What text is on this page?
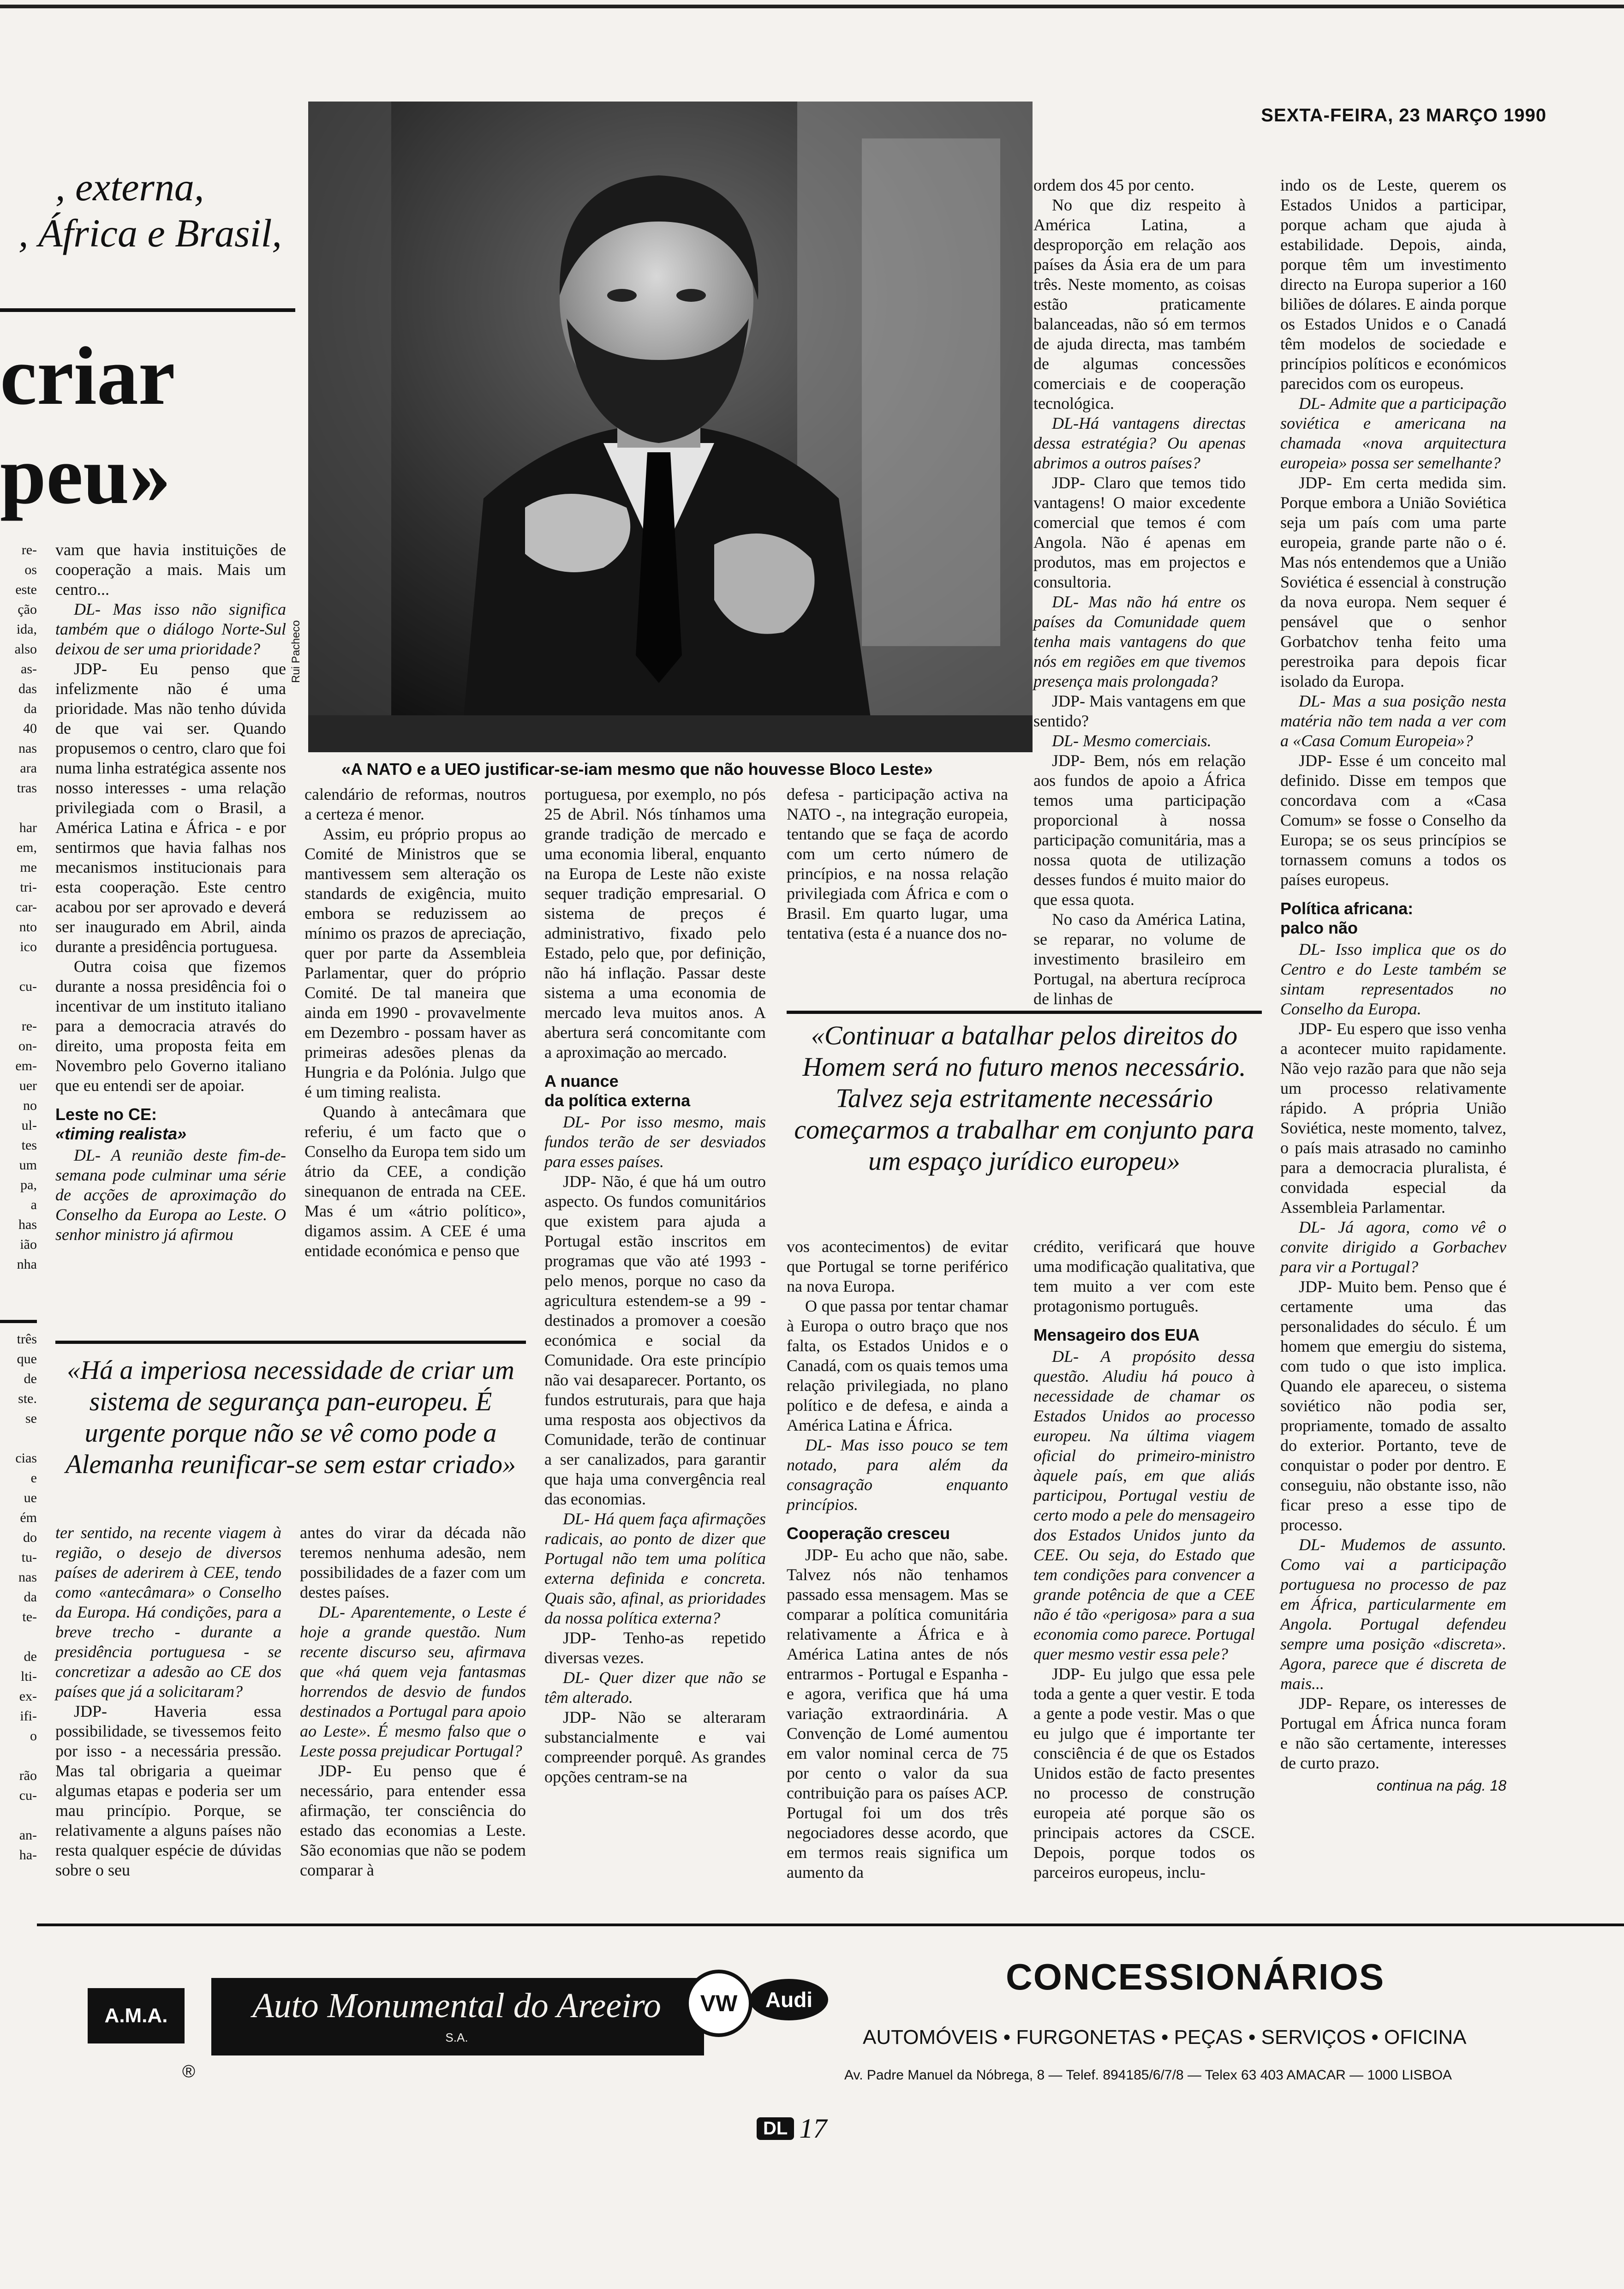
SEXTA-FEIRA, 23 MARÇO 1990
, externa,
, África e Brasil,
criar
peu»
re-
os
este
ção
ida,
also
as-
das
da
40
nas
ara
tras
har
em,
me
tri-
car-
nto
ico
cu-
re-
on-
em-
uer
no
ul-
tes
um
pa,
a
has
ião
nha
três
que
de
ste.
se
cias
e
ue
ém
do
tu-
nas
da
te-
de
lti-
ex-
ifi-
o
rão
cu-
an-
ha-
Rui Pacheco
«A NATO e a UEO justificar-se-iam mesmo que não houvesse Bloco Leste»

vam que havia instituições de cooperação a mais. Mais um centro...

DL- Mas isso não significa também que o diálogo Norte-Sul deixou de ser uma prioridade?

JDP- Eu penso que infelizmente não é uma prioridade. Mas não tenho dúvida de que vai ser. Quando propusemos o centro, claro que foi numa linha estratégica assente nos nosso interesses - uma relação privilegiada com o Brasil, a América Latina e África - e por sentirmos que havia falhas nos mecanismos institucionais para esta cooperação. Este centro acabou por ser aprovado e deverá ser inaugurado em Abril, ainda durante a presidência portuguesa.

Outra coisa que fizemos durante a nossa presidência foi o incentivar de um instituto italiano para a democracia através do direito, uma proposta feita em Novembro pelo Governo italiano que eu entendi ser de apoiar.

Leste no CE:
«timing realista»

DL- A reunião deste fim-de-semana pode culminar uma série de acções de aproximação do Conselho da Europa ao Leste. O senhor ministro já afirmou

calendário de reformas, noutros a certeza é menor.

Assim, eu próprio propus ao Comité de Ministros que se mantivessem sem alteração os standards de exigência, muito embora se reduzissem ao mínimo os prazos de apreciação, quer por parte da Assembleia Parlamentar, quer do próprio Comité. De tal maneira que ainda em 1990 - provavelmente em Dezembro - possam haver as primeiras adesões plenas da Hungria e da Polónia. Julgo que é um timing realista.

Quando à antecâmara que referiu, é um facto que o Conselho da Europa tem sido um átrio da CEE, a condição sinequanon de entrada na CEE. Mas é um «átrio político», digamos assim. A CEE é uma entidade económica e penso que

portuguesa, por exemplo, no pós 25 de Abril. Nós tínhamos uma grande tradição de mercado e uma economia liberal, enquanto na Europa de Leste não existe sequer tradição empresarial. O sistema de preços é administrativo, fixado pelo Estado, pelo que, por definição, não há inflação. Passar deste sistema a uma economia de mercado leva muitos anos. A abertura será concomitante com a aproximação ao mercado.

A nuance
da política externa

DL- Por isso mesmo, mais fundos terão de ser desviados para esses países.

JDP- Não, é que há um outro aspecto. Os fundos comunitários que existem para ajuda a Portugal estão inscritos em programas que vão até 1993 - pelo menos, porque no caso da agricultura estendem-se a 99 - destinados a promover a coesão económica e social da Comunidade. Ora este princípio não vai desaparecer. Portanto, os fundos estruturais, para que haja uma resposta aos objectivos da Comunidade, terão de continuar a ser canalizados, para garantir que haja uma convergência real das economias.

DL- Há quem faça afirmações radicais, ao ponto de dizer que Portugal não tem uma política externa definida e concreta. Quais são, afinal, as prioridades da nossa política externa?

JDP- Tenho-as repetido diversas vezes.

DL- Quer dizer que não se têm alterado.

JDP- Não se alteraram substancialmente e vai compreender porquê. As grandes opções centram-se na

defesa - participação activa na NATO -, na integração europeia, tentando que se faça de acordo com um certo número de princípios, e na nossa relação privilegiada com África e com o Brasil. Em quarto lugar, uma tentativa (esta é a nuance dos no-

ordem dos 45 por cento.

No que diz respeito à América Latina, a desproporção em relação aos países da Ásia era de um para três. Neste momento, as coisas estão praticamente balanceadas, não só em termos de ajuda directa, mas também de algumas concessões comerciais e de cooperação tecnológica.

DL-Há vantagens directas dessa estratégia? Ou apenas abrimos a outros países?

JDP- Claro que temos tido vantagens! O maior excedente comercial que temos é com Angola. Não é apenas em produtos, mas em projectos e consultoria.

DL- Mas não há entre os países da Comunidade quem tenha mais vantagens do que nós em regiões em que tivemos presença mais prolongada?

JDP- Mais vantagens em que sentido?

DL- Mesmo comerciais.

JDP- Bem, nós em relação aos fundos de apoio a África temos uma participação proporcional à nossa participação comunitária, mas a nossa quota de utilização desses fundos é muito maior do que essa quota.

No caso da América Latina, se reparar, no volume de investimento brasileiro em Portugal, na abertura recíproca de linhas de

indo os de Leste, querem os Estados Unidos a participar, porque acham que ajuda à estabilidade. Depois, ainda, porque têm um investimento directo na Europa superior a 160 biliões de dólares. E ainda porque os Estados Unidos e o Canadá têm modelos de sociedade e princípios políticos e económicos parecidos com os europeus.

DL- Admite que a participação soviética e americana na chamada «nova arquitectura europeia» possa ser semelhante?

JDP- Em certa medida sim. Porque embora a União Soviética seja um país com uma parte europeia, grande parte não o é. Mas nós entendemos que a União Soviética é essencial à construção da nova europa. Nem sequer é pensável que o senhor Gorbatchov tenha feito uma perestroika para depois ficar isolado da Europa.

DL- Mas a sua posição nesta matéria não tem nada a ver com a «Casa Comum Europeia»?

JDP- Esse é um conceito mal definido. Disse em tempos que concordava com a «Casa Comum» se fosse o Conselho da Europa; se os seus princípios se tornassem comuns a todos os países europeus.

Política africana:
palco não

DL- Isso implica que os do Centro e do Leste também se sintam representados no Conselho da Europa.

JDP- Eu espero que isso venha a acontecer muito rapidamente. Não vejo razão para que não seja um processo relativamente rápido. A própria União Soviética, neste momento, talvez, o país mais atrasado no caminho para a democracia pluralista, é convidada especial da Assembleia Parlamentar.

DL- Já agora, como vê o convite dirigido a Gorbachev para vir a Portugal?

JDP- Muito bem. Penso que é certamente uma das personalidades do século. É um homem que emergiu do sistema, com tudo o que isto implica. Quando ele apareceu, o sistema soviético não podia ser, propriamente, tomado de assalto do exterior. Portanto, teve de conquistar o poder por dentro. E conseguiu, não obstante isso, não ficar preso a esse tipo de processo.

DL- Mudemos de assunto. Como vai a participação portuguesa no processo de paz em África, particularmente em Angola. Portugal defendeu sempre uma posição «discreta». Agora, parece que é discreta de mais...

JDP- Repare, os interesses de Portugal em África nunca foram e não são certamente, interesses de curto prazo.

continua na pág. 18
«Continuar a batalhar pelos direitos do Homem será no futuro menos necessário. Talvez seja estritamente necessário começarmos a trabalhar em conjunto para um espaço jurídico europeu»

vos acontecimentos) de evitar que Portugal se torne periférico na nova Europa.

O que passa por tentar chamar à Europa o outro braço que nos falta, os Estados Unidos e o Canadá, com os quais temos uma relação privilegiada, no plano político e de defesa, e ainda a América Latina e África.

DL- Mas isso pouco se tem notado, para além da consagração enquanto princípios.

Cooperação cresceu

JDP- Eu acho que não, sabe. Talvez nós não tenhamos passado essa mensagem. Mas se comparar a política comunitária relativamente a África e à América Latina antes de nós entrarmos - Portugal e Espanha - e agora, verifica que há uma variação extraordinária. A Convenção de Lomé aumentou em valor nominal cerca de 75 por cento o valor da sua contribuição para os países ACP. Portugal foi um dos três negociadores desse acordo, que em termos reais significa um aumento da

crédito, verificará que houve uma modificação qualitativa, que tem muito a ver com este protagonismo português.

Mensageiro dos EUA

DL- A propósito dessa questão. Aludiu há pouco à necessidade de chamar os Estados Unidos ao processo europeu. Na última viagem oficial do primeiro-ministro àquele país, em que aliás participou, Portugal vestiu de certo modo a pele do mensageiro dos Estados Unidos junto da CEE. Ou seja, do Estado que tem condições para convencer a grande potência de que a CEE não é tão «perigosa» para a sua economia como parece. Portugal quer mesmo vestir essa pele?

JDP- Eu julgo que essa pele toda a gente a quer vestir. E toda a gente a pode vestir. Mas o que eu julgo que é importante ter consciência é de que os Estados Unidos estão de facto presentes no processo de construção europeia até porque são os principais actores da CSCE. Depois, porque todos os parceiros europeus, inclu-

«Há a imperiosa necessidade de criar um sistema de segurança pan-europeu. É urgente porque não se vê como pode a Alemanha reunificar-se sem estar criado»

ter sentido, na recente viagem à região, o desejo de diversos países de aderirem à CEE, tendo como «antecâmara» o Conselho da Europa. Há condições, para a breve trecho - durante a presidência portuguesa - se concretizar a adesão ao CE dos países que já a solicitaram?

JDP- Haveria essa possibilidade, se tivessemos feito por isso - a necessária pressão. Mas tal obrigaria a queimar algumas etapas e poderia ser um mau princípio. Porque, se relativamente a alguns países não resta qualquer espécie de dúvidas sobre o seu

antes do virar da década não teremos nenhuma adesão, nem possibilidades de a fazer com um destes países.

DL- Aparentemente, o Leste é hoje a grande questão. Num recente discurso seu, afirmava que «há quem veja fantasmas horrendos de desvio de fundos destinados a Portugal para apoio ao Leste». É mesmo falso que o Leste possa prejudicar Portugal?

JDP- Eu penso que é necessário, para entender essa afirmação, ter consciência do estado das economias a Leste. São economias que não se podem comparar à

A.M.A.
®
Auto Monumental do Areeiro
S.A.
VW Audi
CONCESSIONÁRIOS
AUTOMÓVEIS • FURGONETAS • PEÇAS • SERVIÇOS • OFICINA
Av. Padre Manuel da Nóbrega, 8 — Telef. 894185/6/7/8 — Telex 63 403 AMACAR — 1000 LISBOA
DL 17
